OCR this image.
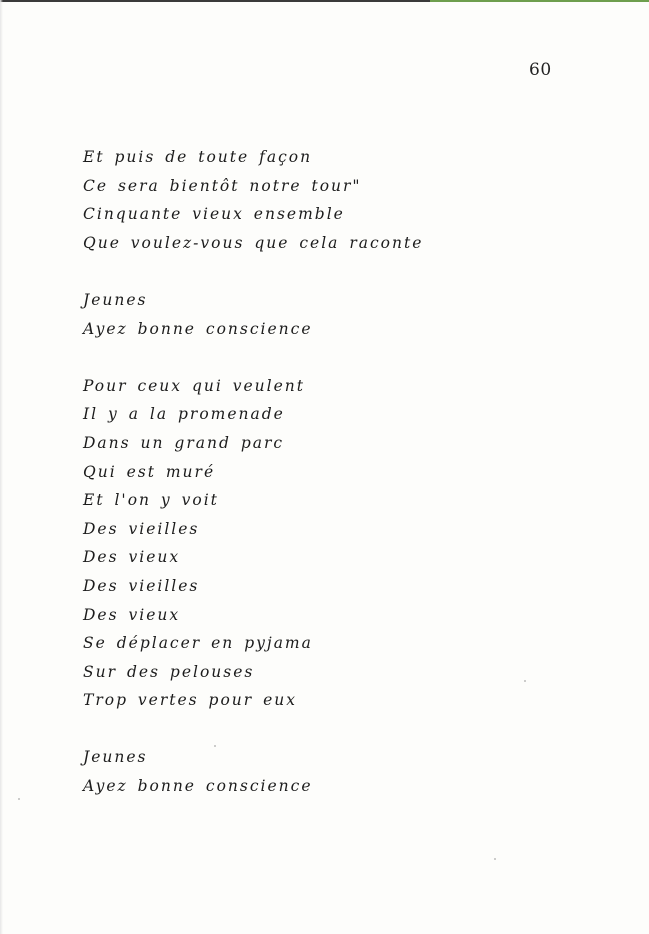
60
Et puis de toute façon
Ce sera bientôt notre tour"
Cinquante vieux ensemble
Que voulez-vous que cela raconte
Jeunes
Ayez bonne conscience
Pour ceux qui veulent
Il y a la promenade
Dans un grand parc
Qui est muré
Et l'on y voit
Des vieilles
Des vieux
Des vieilles
Des vieux
Se déplacer en pyjama
Sur des pelouses
Trop vertes pour eux
Jeunes
Ayez bonne conscience
